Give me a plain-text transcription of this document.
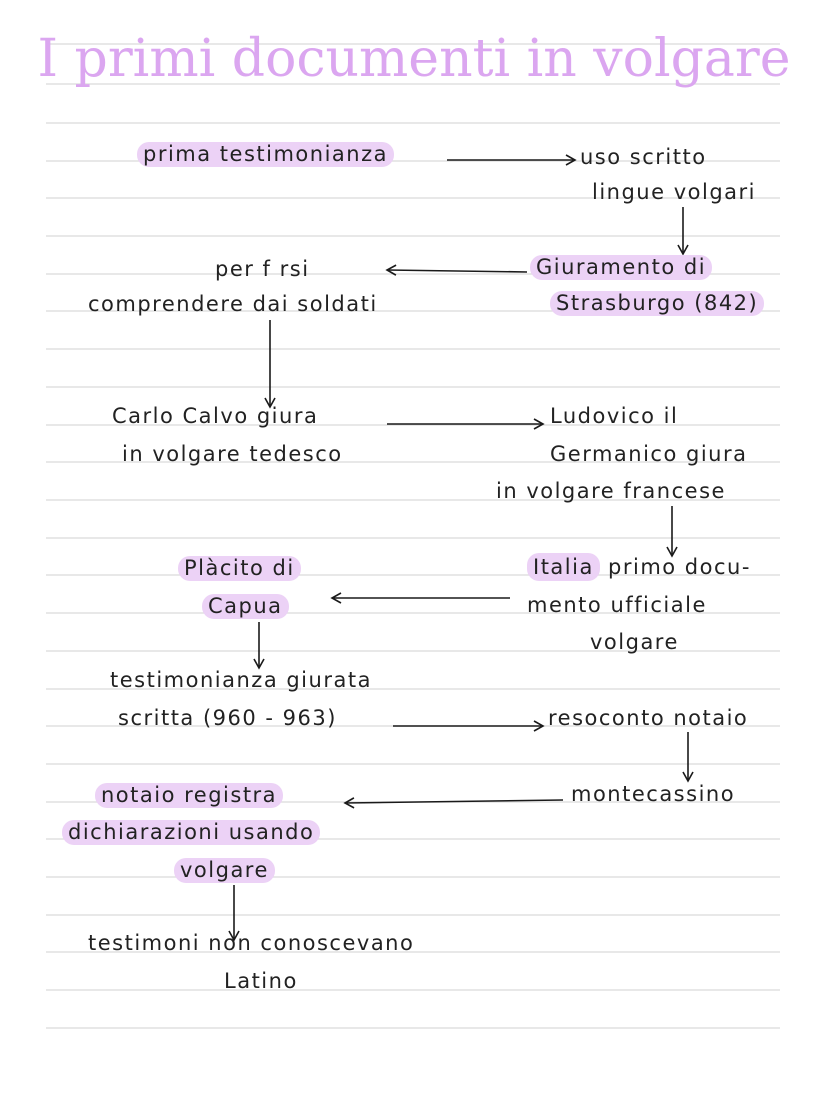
I primi documenti in volgare
prima testimonianza	uso scritto
lingue volgari
Giuramento di
Strasburgo (842)
per f rsi
comprendere dai soldati
Carlo Calvo giura
in volgare tedesco
Ludovico il
Germanico giura
in volgare francese
Italia primo docu-
mento ufficiale
volgare
Plàcito di
Capua
testimonianza giurata
scritta (960 - 963)	resoconto notaio
montecassino
notaio registra
dichiarazioni usando
volgare
testimoni non conoscevano
Latino
